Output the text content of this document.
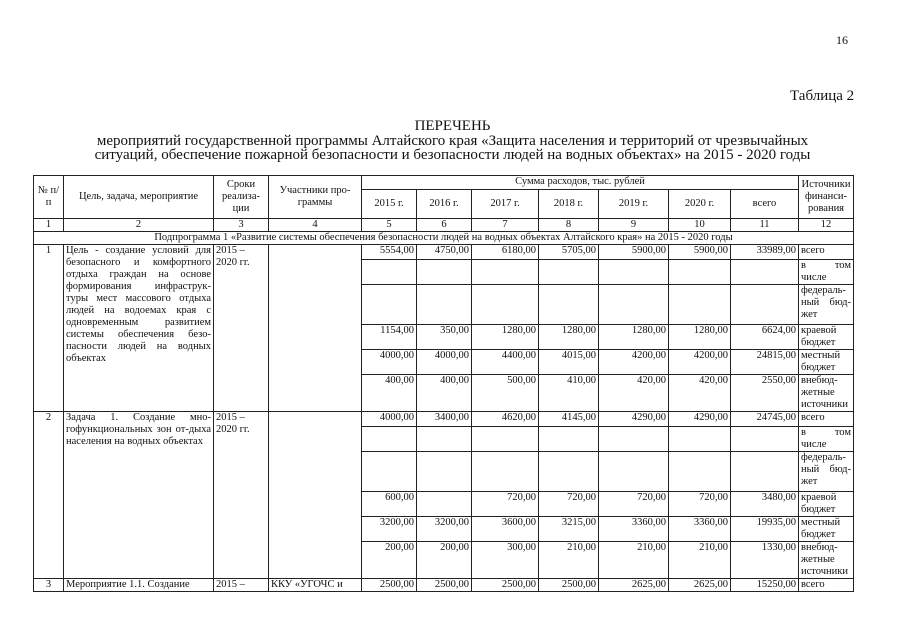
16
Таблица 2
ПЕРЕЧЕНЬ
мероприятий государственной программы Алтайского края «Защита населения и территорий от чрезвычайных
ситуаций, обеспечение пожарной безопасности и безопасности людей на водных объектах» на 2015 - 2020 годы
№ п/п	Цель, задача, мероприятие	Сроки реализа-ции	Участники про-граммы	Сумма расходов, тыс. рублей							Источники финанси-рования
				2015 г.	2016 г.	2017 г.	2018 г.	2019 г.	2020 г.	всего	
1	2	3	4	5	6	7	8	9	10	11	12
Подпрограмма 1 «Развитие системы обеспечения безопасности людей на водных объектах Алтайского края» на 2015 - 2020 годы											
1	Цель - создание условий для безопасного и комфортного отдыха граждан на основе формирования инфраструк-туры мест массового отдыха людей на водоемах края с одновременным развитием системы обеспечения безо-пасности людей на водных объектах	2015 – 2020 гг.		5554,00	4750,00	6180,00	5705,00	5900,00	5900,00	33989,00	всего
											в том числе
											федераль-ный бюд-жет
				1154,00	350,00	1280,00	1280,00	1280,00	1280,00	6624,00	краевой бюджет
				4000,00	4000,00	4400,00	4015,00	4200,00	4200,00	24815,00	местный бюджет
				400,00	400,00	500,00	410,00	420,00	420,00	2550,00	внебюд-жетные источники
2	Задача 1. Создание мно-гофункциональных зон от-дыха населения на водных объектах	2015 – 2020 гг.		4000,00	3400,00	4620,00	4145,00	4290,00	4290,00	24745,00	всего
											в том числе
											федераль-ный бюд-жет
				600,00		720,00	720,00	720,00	720,00	3480,00	краевой бюджет
				3200,00	3200,00	3600,00	3215,00	3360,00	3360,00	19935,00	местный бюджет
				200,00	200,00	300,00	210,00	210,00	210,00	1330,00	внебюд-жетные источники
3	Мероприятие 1.1. Создание	2015 –	ККУ «УГОЧС и	2500,00	2500,00	2500,00	2500,00	2625,00	2625,00	15250,00	всего
